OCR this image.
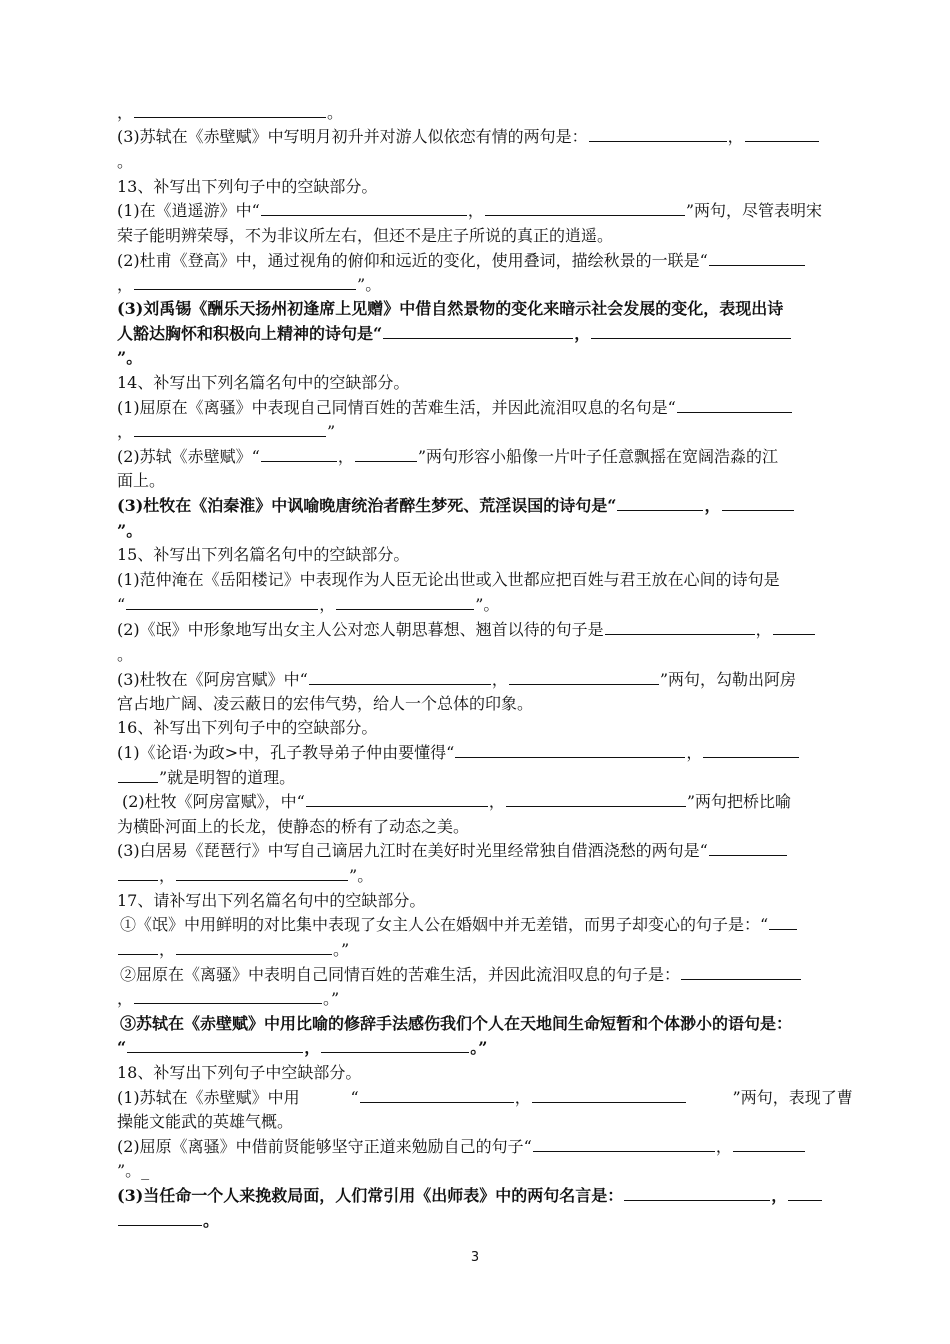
，	。
(3)苏轼在《赤壁赋》中写明月初升并对游人似依恋有情的两句是：	，
。
13、补写出下列句子中的空缺部分。
(1)在《逍遥游》中“	，	”两句，尽管表明宋
荣子能明辨荣辱，不为非议所左右，但还不是庄子所说的真正的逍遥。
(2)杜甫《登高》中，通过视角的俯仰和远近的变化，使用叠词，描绘秋景的一联是“
，	”。
(3)刘禹锡《酬乐天扬州初逢席上见赠》中借自然景物的变化来暗示社会发展的变化，表现出诗
人豁达胸怀和积极向上精神的诗句是“	，
”。
14、补写出下列名篇名句中的空缺部分。
(1)屈原在《离骚》中表现自己同情百姓的苦难生活，并因此流泪叹息的名句是“
，	”
(2)苏轼《赤壁赋》“	，	”两句形容小船像一片叶子任意飘摇在宽阔浩淼的江
面上。
(3)杜牧在《泊秦淮》中讽喻晚唐统治者醉生梦死、荒淫误国的诗句是“	，
”。
15、补写出下列名篇名句中的空缺部分。
(1)范仲淹在《岳阳楼记》中表现作为人臣无论出世或入世都应把百姓与君王放在心间的诗句是
“	，	”。
(2)《氓》中形象地写出女主人公对恋人朝思暮想、翘首以待的句子是	，
。
(3)杜牧在《阿房宫赋》中“	，	”两句，勾勒出阿房
宫占地广阔、凌云蔽日的宏伟气势，给人一个总体的印象。
16、补写出下列句子中的空缺部分。
(1)《论语·为政>中，孔子教导弟子仲由要懂得“	，
”就是明智的道理。
(2)杜牧《阿房富赋》，中“	，	”两句把桥比喻
为横卧河面上的长龙，使静态的桥有了动态之美。
(3)白居易《琵琶行》中写自己谪居九江时在美好时光里经常独自借酒浇愁的两句是“
，	”。
17、请补写出下列名篇名句中的空缺部分。
①《氓》中用鲜明的对比集中表现了女主人公在婚姻中并无差错，而男子却变心的句子是：“
，	。”
②屈原在《离骚》中表明自己同情百姓的苦难生活，并因此流泪叹息的句子是：
，	。”
③苏轼在《赤壁赋》中用比喻的修辞手法感伤我们个人在天地间生命短暂和个体渺小的语句是：
“	，	。”
18、补写出下列句子中空缺部分。
(1)苏轼在《赤壁赋》中用	“	，	”两句，表现了曹
操能文能武的英雄气概。
(2)屈原《离骚》中借前贤能够坚守正道来勉励自己的句子“	，
”。_
(3)当任命一个人来挽救局面，人们常引用《出师表》中的两句名言是：	，
。
3
